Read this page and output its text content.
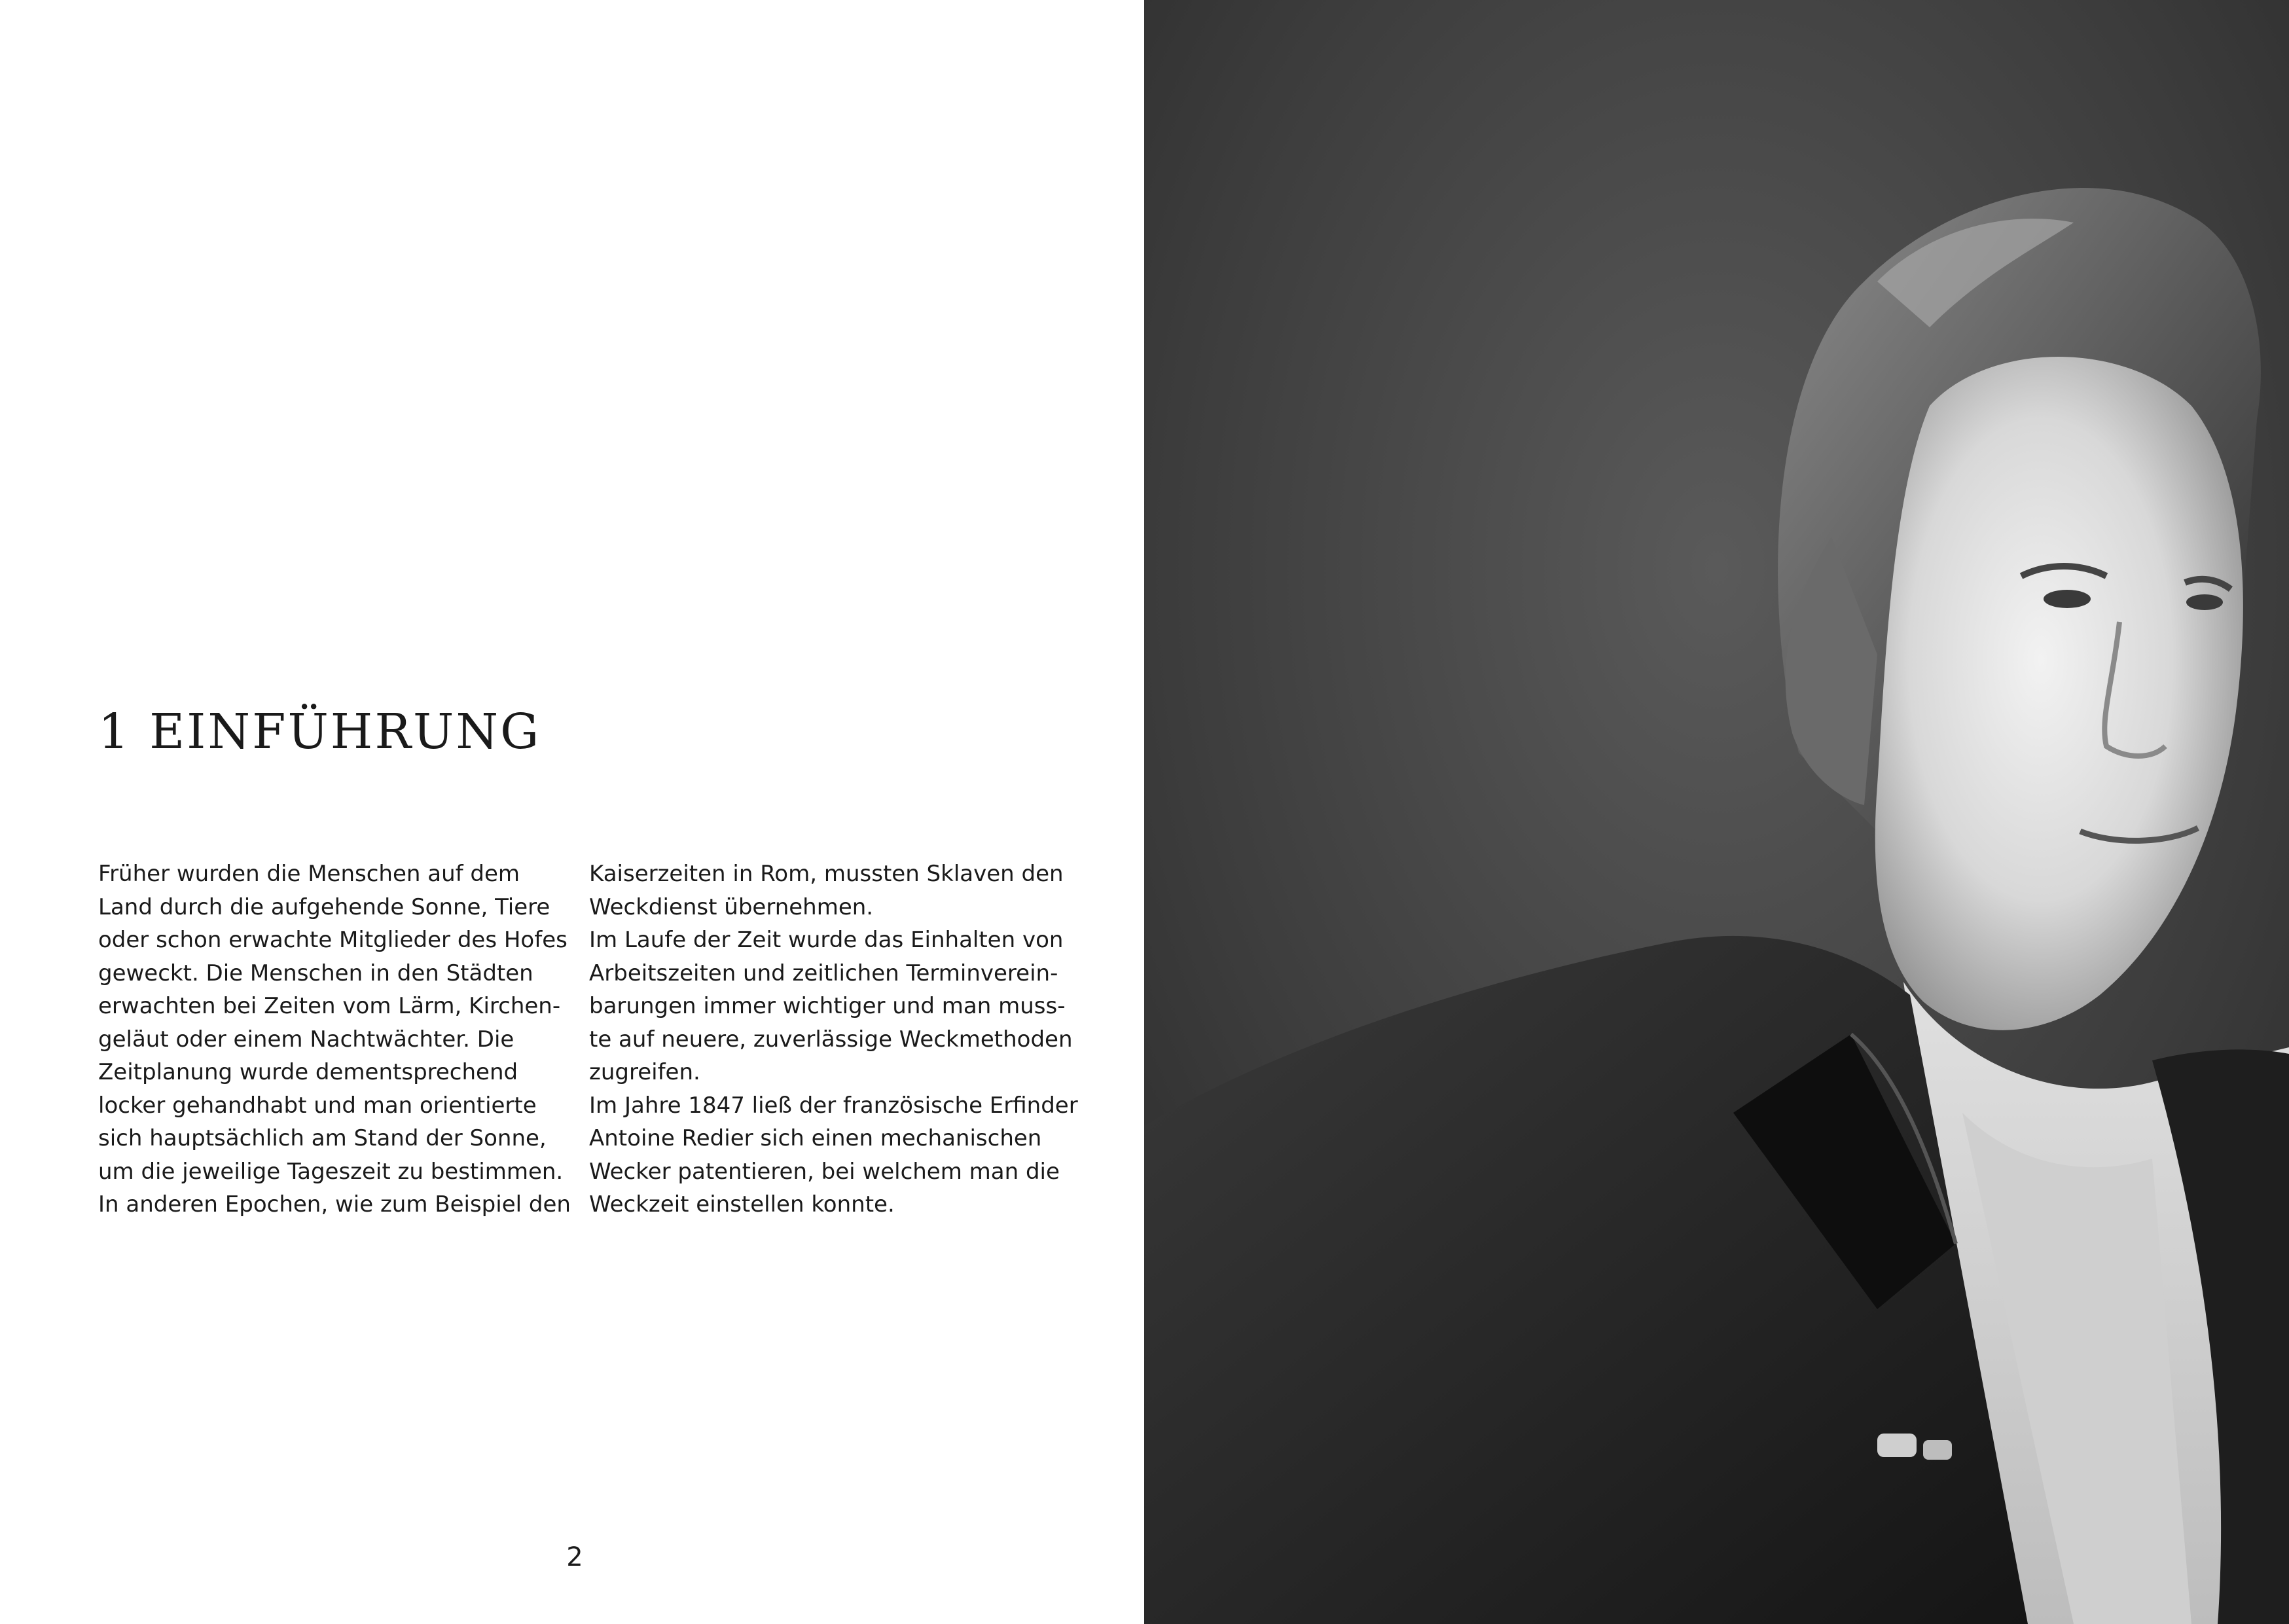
1 EINFÜHRUNG

Früher wurden die Menschen auf dem
Land durch die aufgehende Sonne, Tiere
oder schon erwachte Mitglieder des Hofes
geweckt. Die Menschen in den Städten
erwachten bei Zeiten vom Lärm, Kirchen-
geläut oder einem Nachtwächter. Die
Zeitplanung wurde dementsprechend
locker gehandhabt und man orientierte
sich hauptsächlich am Stand der Sonne,
um die jeweilige Tageszeit zu bestimmen.
In anderen Epochen, wie zum Beispiel den

Kaiserzeiten in Rom, mussten Sklaven den
Weckdienst übernehmen.
Im Laufe der Zeit wurde das Einhalten von
Arbeitszeiten und zeitlichen Terminverein-
barungen immer wichtiger und man muss-
te auf neuere, zuverlässige Weckmethoden
zugreifen.
Im Jahre 1847 ließ der französische Erfinder
Antoine Redier sich einen mechanischen
Wecker patentieren, bei welchem man die
Weckzeit einstellen konnte.

2
